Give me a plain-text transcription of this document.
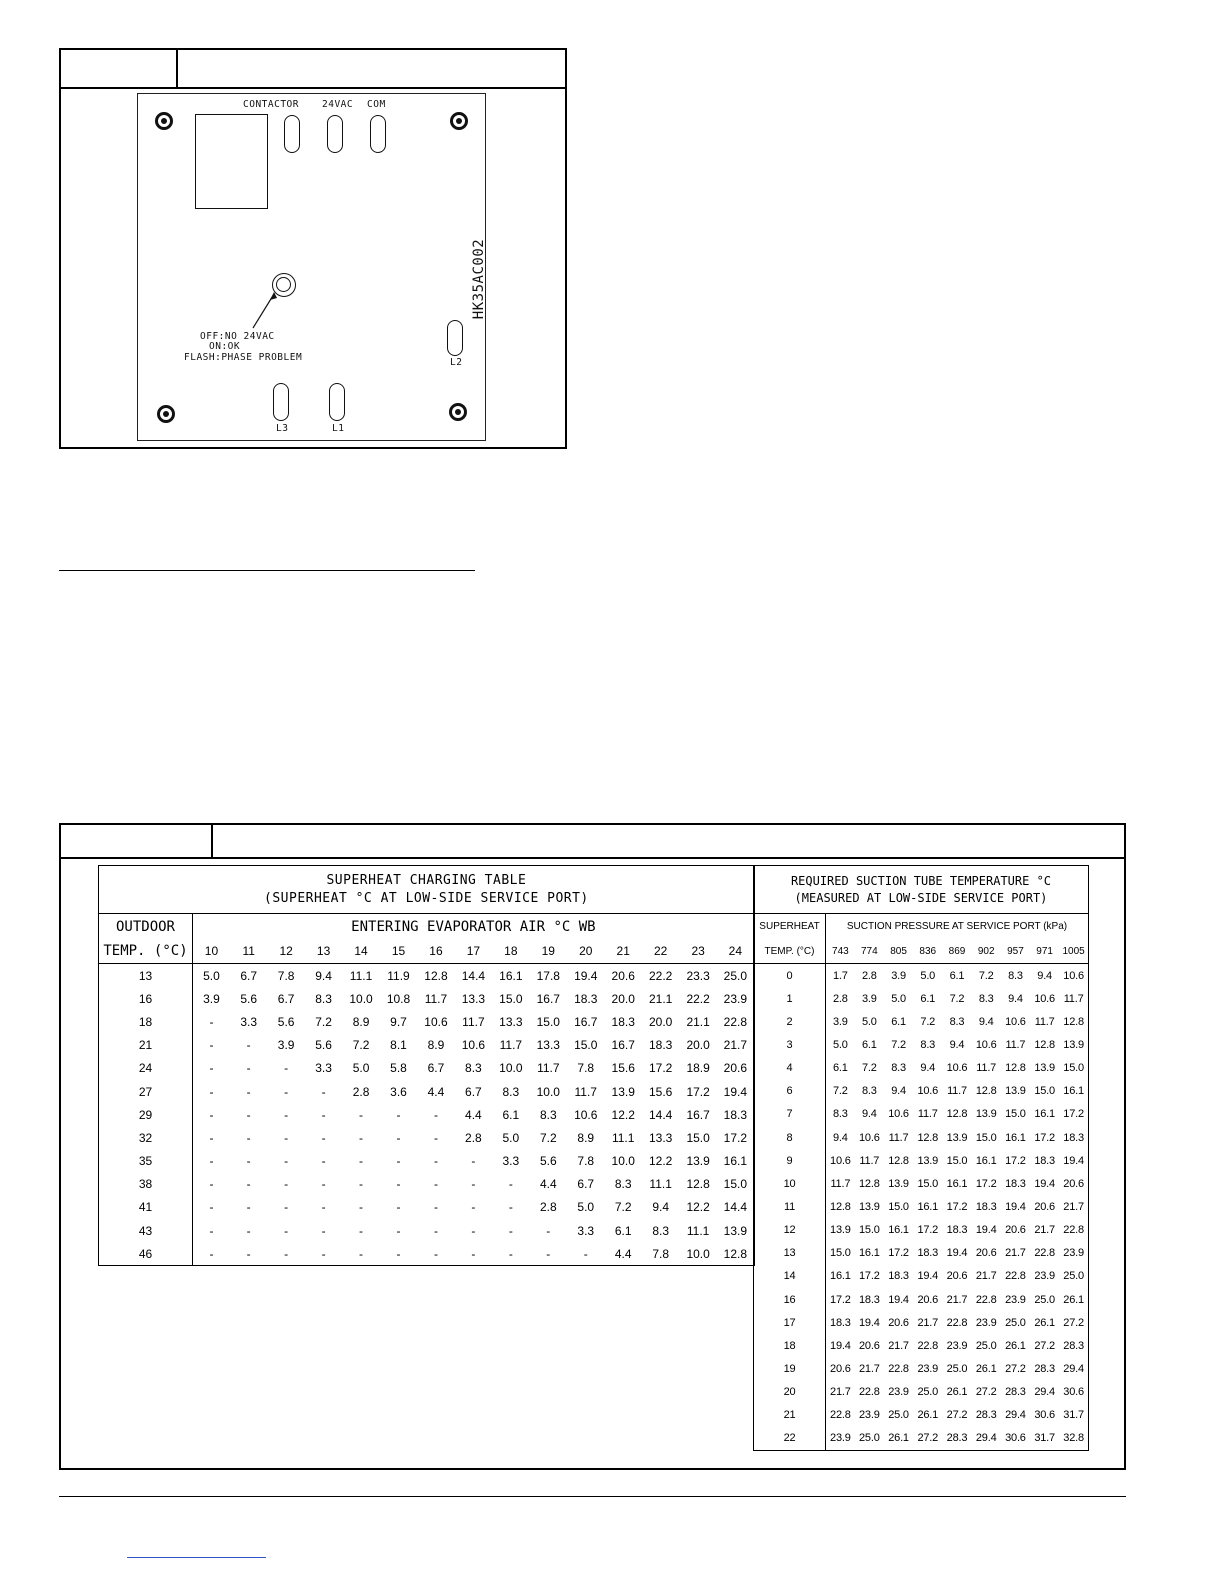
CONTACTOR 24VAC COM
OFF:NO 24VAC
ON:OK
FLASH:PHASE PROBLEM
HK35AC002
L2
L3	L1
SUPERHEAT CHARGING TABLE
(SUPERHEAT °C AT LOW-SIDE SERVICE PORT)															

OUTDOOR	ENTERING EVAPORATOR AIR °C WB														
TEMP. (°C)	10	11	12	13	14	15	16	17	18	19	20	21	22	23	24
13	5.0	6.7	7.8	9.4	11.1	11.9	12.8	14.4	16.1	17.8	19.4	20.6	22.2	23.3	25.0
16	3.9	5.6	6.7	8.3	10.0	10.8	11.7	13.3	15.0	16.7	18.3	20.0	21.1	22.2	23.9
18	-	3.3	5.6	7.2	8.9	9.7	10.6	11.7	13.3	15.0	16.7	18.3	20.0	21.1	22.8
21	-	-	3.9	5.6	7.2	8.1	8.9	10.6	11.7	13.3	15.0	16.7	18.3	20.0	21.7
24	-	-	-	3.3	5.0	5.8	6.7	8.3	10.0	11.7	7.8	15.6	17.2	18.9	20.6
27	-	-	-	-	2.8	3.6	4.4	6.7	8.3	10.0	11.7	13.9	15.6	17.2	19.4
29	-	-	-	-	-	-	-	4.4	6.1	8.3	10.6	12.2	14.4	16.7	18.3
32	-	-	-	-	-	-	-	2.8	5.0	7.2	8.9	11.1	13.3	15.0	17.2
35	-	-	-	-	-	-	-	-	3.3	5.6	7.8	10.0	12.2	13.9	16.1
38	-	-	-	-	-	-	-	-	-	4.4	6.7	8.3	11.1	12.8	15.0
41	-	-	-	-	-	-	-	-	-	2.8	5.0	7.2	9.4	12.2	14.4
43	-	-	-	-	-	-	-	-	-	-	3.3	6.1	8.3	11.1	13.9
46	-	-	-	-	-	-	-	-	-	-	-	4.4	7.8	10.0	12.8
REQUIRED SUCTION TUBE TEMPERATURE °C
(MEASURED AT LOW-SIDE SERVICE PORT)									

SUPERHEAT	SUCTION PRESSURE AT SERVICE PORT (kPa)								
TEMP. (°C)	743	774	805	836	869	902	957	971	1005
0	1.7	2.8	3.9	5.0	6.1	7.2	8.3	9.4	10.6
1	2.8	3.9	5.0	6.1	7.2	8.3	9.4	10.6	11.7
2	3.9	5.0	6.1	7.2	8.3	9.4	10.6	11.7	12.8
3	5.0	6.1	7.2	8.3	9.4	10.6	11.7	12.8	13.9
4	6.1	7.2	8.3	9.4	10.6	11.7	12.8	13.9	15.0
6	7.2	8.3	9.4	10.6	11.7	12.8	13.9	15.0	16.1
7	8.3	9.4	10.6	11.7	12.8	13.9	15.0	16.1	17.2
8	9.4	10.6	11.7	12.8	13.9	15.0	16.1	17.2	18.3
9	10.6	11.7	12.8	13.9	15.0	16.1	17.2	18.3	19.4
10	11.7	12.8	13.9	15.0	16.1	17.2	18.3	19.4	20.6
11	12.8	13.9	15.0	16.1	17.2	18.3	19.4	20.6	21.7
12	13.9	15.0	16.1	17.2	18.3	19.4	20.6	21.7	22.8
13	15.0	16.1	17.2	18.3	19.4	20.6	21.7	22.8	23.9
14	16.1	17.2	18.3	19.4	20.6	21.7	22.8	23.9	25.0
16	17.2	18.3	19.4	20.6	21.7	22.8	23.9	25.0	26.1
17	18.3	19.4	20.6	21.7	22.8	23.9	25.0	26.1	27.2
18	19.4	20.6	21.7	22.8	23.9	25.0	26.1	27.2	28.3
19	20.6	21.7	22.8	23.9	25.0	26.1	27.2	28.3	29.4
20	21.7	22.8	23.9	25.0	26.1	27.2	28.3	29.4	30.6
21	22.8	23.9	25.0	26.1	27.2	28.3	29.4	30.6	31.7
22	23.9	25.0	26.1	27.2	28.3	29.4	30.6	31.7	32.8
